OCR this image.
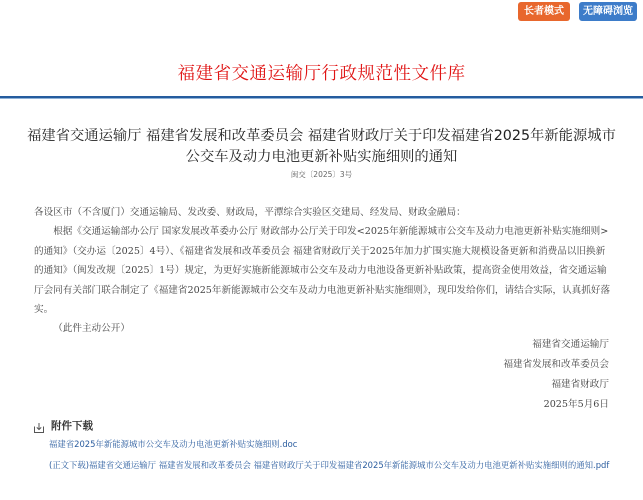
长者模式	无障碍浏览
福建省交通运输厅行政规范性文件库
福建省交通运输厅 福建省发展和改革委员会 福建省财政厅关于印发福建省2025年新能源城市
公交车及动力电池更新补贴实施细则的通知
闽交〔2025〕3号

各设区市（不含厦门）交通运输局、发改委、财政局，平潭综合实验区交建局、经发局、财政金融局：

根据《交通运输部办公厅 国家发展改革委办公厅 财政部办公厅关于印发<2025年新能源城市公交车及动力电池更新补贴实施细则>的通知》（交办运〔2025〕4号）、《福建省发展和改革委员会 福建省财政厅关于2025年加力扩围实施大规模设备更新和消费品以旧换新的通知》（闽发改规〔2025〕1号）规定，为更好实施新能源城市公交车及动力电池设备更新补贴政策，提高资金使用效益，省交通运输厅会同有关部门联合制定了《福建省2025年新能源城市公交车及动力电池更新补贴实施细则》，现印发给你们，请结合实际，认真抓好落实。

（此件主动公开）

福建省交通运输厅
福建省发展和改革委员会
福建省财政厅
2025年5月6日
附件下载
福建省2025年新能源城市公交车及动力电池更新补贴实施细则.doc
(正文下载)福建省交通运输厅 福建省发展和改革委员会 福建省财政厅关于印发福建省2025年新能源城市公交车及动力电池更新补贴实施细则的通知.pdf
